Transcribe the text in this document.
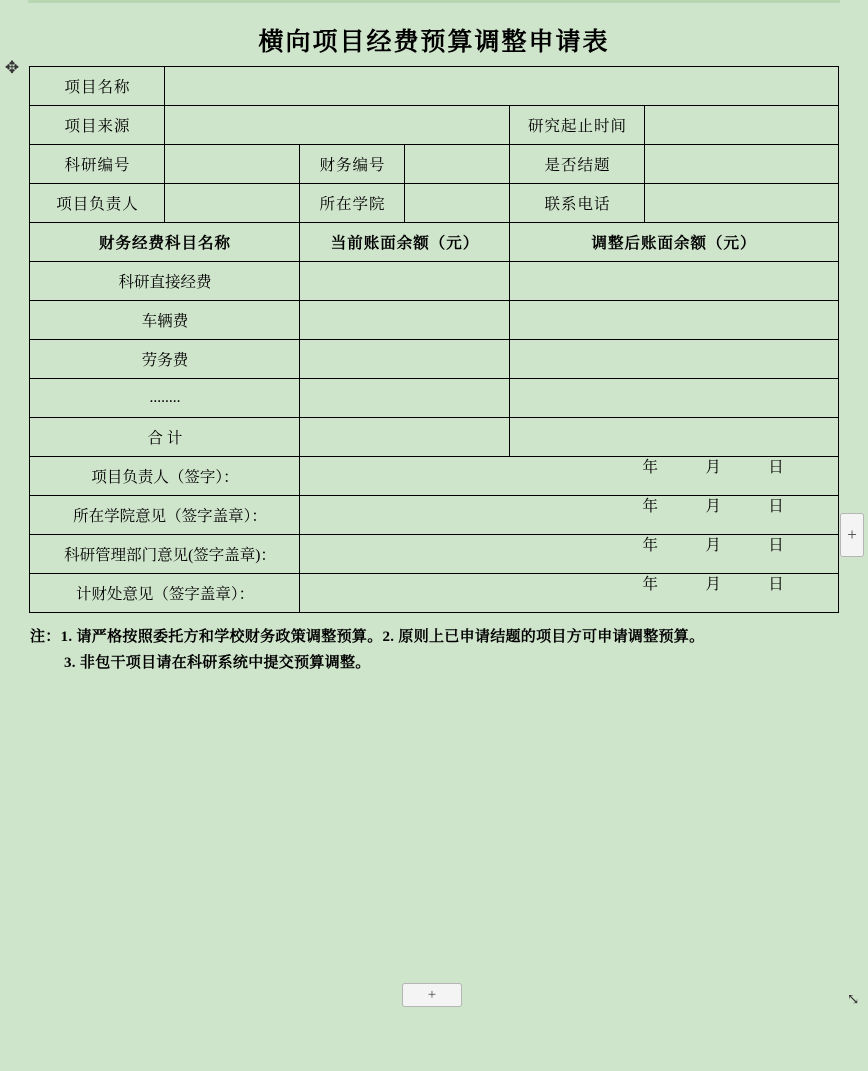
✥
横向项目经费预算调整申请表
项目名称					
项目来源				研究起止时间	
科研编号		财务编号		是否结题	
项目负责人		所在学院		联系电话	
财务经费科目名称		当前账面余额（元）		调整后账面余额（元）	
科研直接经费					
车辆费					
劳务费					
........					
合 计					
项目负责人（签字）：		年 月 日			

所在学院意见（签字盖章）：		年 月 日			

科研管理部门意见(签字盖章)：		年 月 日			

计财处意见（签字盖章）：		年 月 日			
注：1. 请严格按照委托方和学校财务政策调整预算。2. 原则上已申请结题的项目方可申请调整预算。
3. 非包干项目请在科研系统中提交预算调整。
+
+	⤡
